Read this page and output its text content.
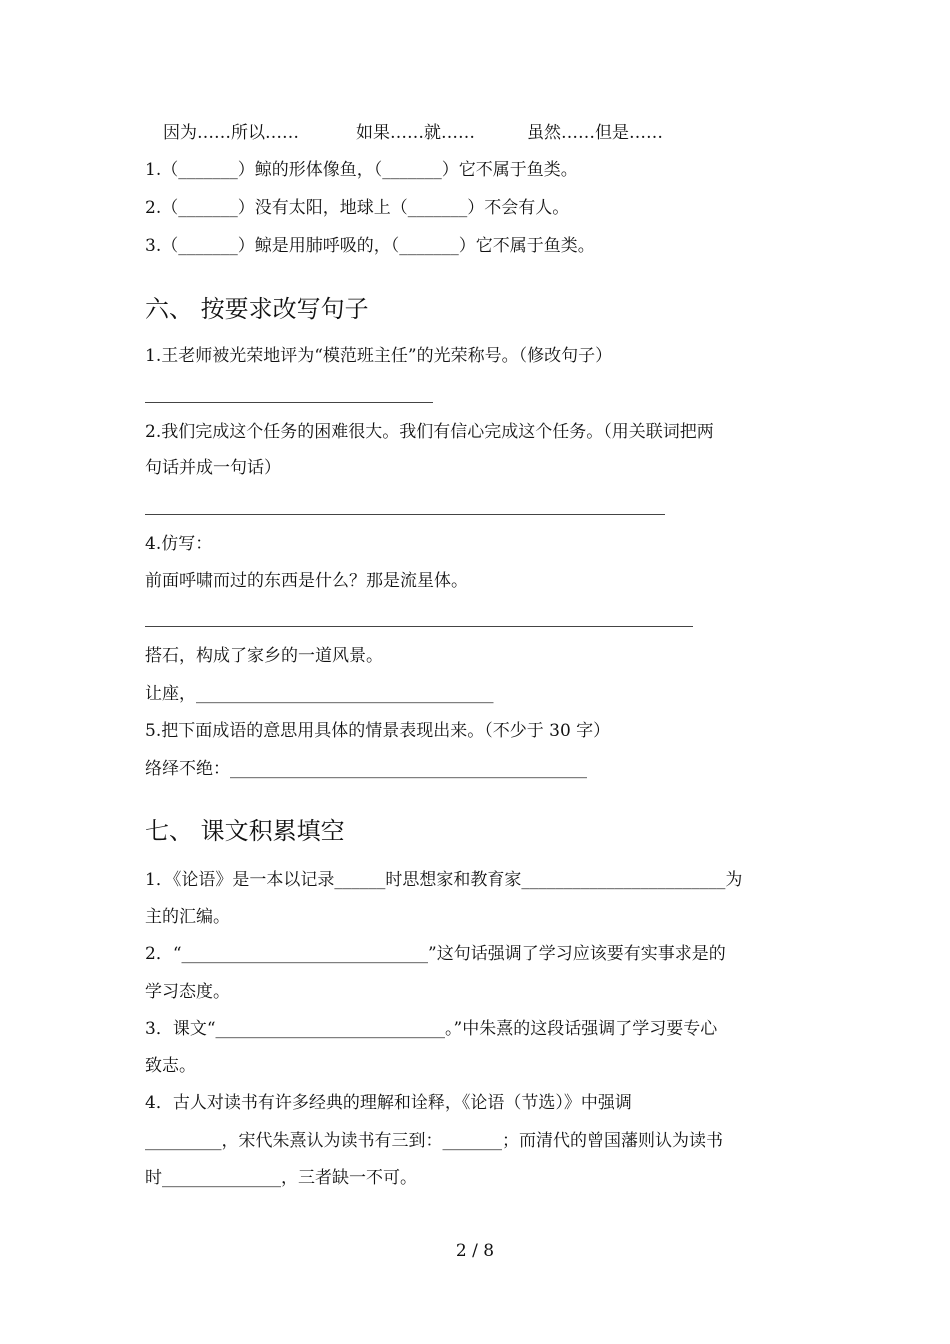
因为……所以……	如果……就……	虽然……但是……
1.（_______）鲸的形体像鱼，（_______）它不属于鱼类。
2.（_______）没有太阳，地球上（_______）不会有人。
3.（_______）鲸是用肺呼吸的，（_______）它不属于鱼类。
六、 按要求改写句子
1.王老师被光荣地评为“模范班主任”的光荣称号。（修改句子）
2.我们完成这个任务的困难很大。我们有信心完成这个任务。（用关联词把两
句话并成一句话）
4.仿写：
前面呼啸而过的东西是什么？那是流星体。
搭石，构成了家乡的一道风景。
让座，___________________________________
5.把下面成语的意思用具体的情景表现出来。（不少于 30 字）
络绎不绝：__________________________________________
七、 课文积累填空
1．《论语》是一本以记录______时思想家和教育家________________________为
主的汇编。
2．“_____________________________”这句话强调了学习应该要有实事求是的
学习态度。
3．课文“___________________________。”中朱熹的这段话强调了学习要专心
致志。
4．古人对读书有许多经典的理解和诠释，《论语（节选）》中强调
_________，宋代朱熹认为读书有三到：_______；而清代的曾国藩则认为读书
时______________，三者缺一不可。
2 / 8
